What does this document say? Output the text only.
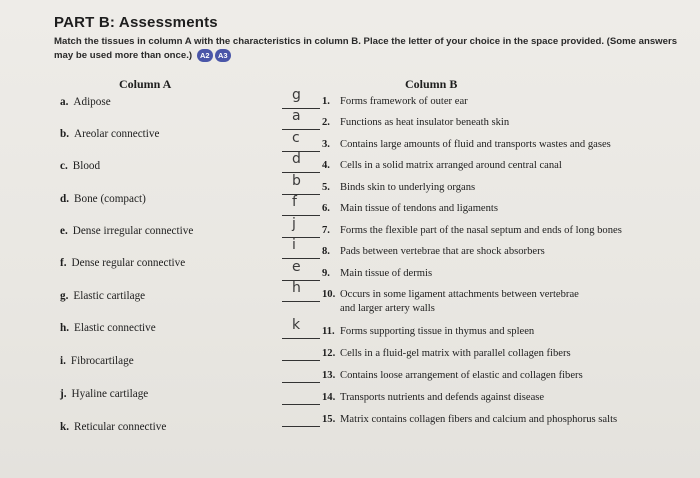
PART B: Assessments
Match the tissues in column A with the characteristics in column B. Place the letter of your choice in the space provided. (Some answers may be used more than once.) A2 A3
Column A	Column B
a. Adipose
b. Areolar connective
c. Blood
d. Bone (compact)
e. Dense irregular connective
f. Dense regular connective
g. Elastic cartilage
h. Elastic connective
i. Fibrocartilage
j. Hyaline cartilage
k. Reticular connective
g 1. Forms framework of outer ear
a 2. Functions as heat insulator beneath skin
c 3. Contains large amounts of fluid and transports wastes and gases
d 4. Cells in a solid matrix arranged around central canal
b 5. Binds skin to underlying organs
f 6. Main tissue of tendons and ligaments
j 7. Forms the flexible part of the nasal septum and ends of long bones
i 8. Pads between vertebrae that are shock absorbers
e 9. Main tissue of dermis
h 10. Occurs in some ligament attachments between vertebrae
and larger artery walls
k 11. Forms supporting tissue in thymus and spleen
12. Cells in a fluid-gel matrix with parallel collagen fibers
13. Contains loose arrangement of elastic and collagen fibers
14. Transports nutrients and defends against disease
15. Matrix contains collagen fibers and calcium and phosphorus salts
